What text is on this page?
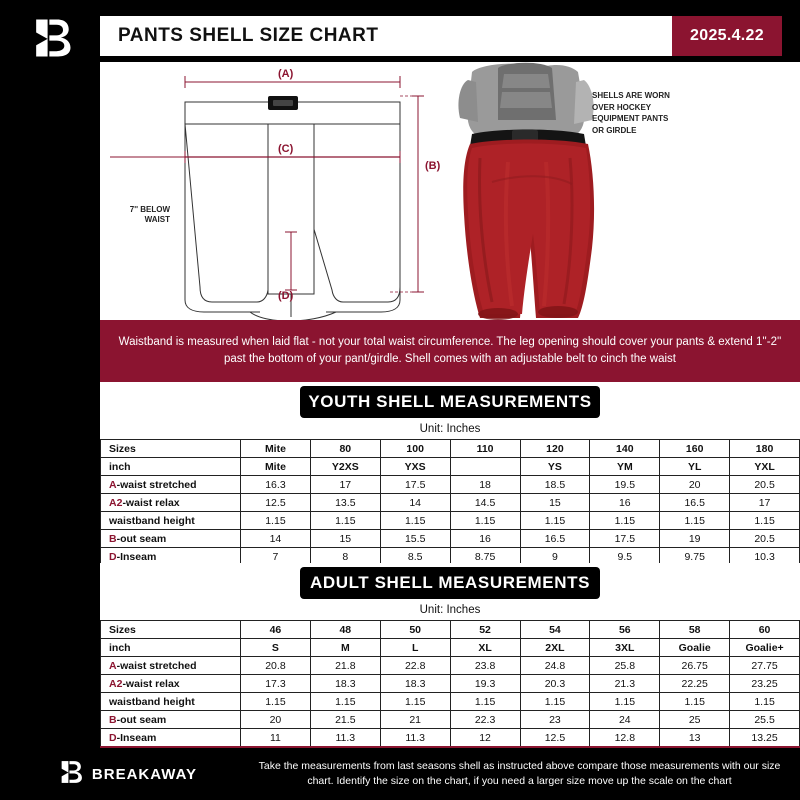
PANTS SHELL SIZE CHART	2025.4.22
(A)
(C)
(B)
(D)
7'' BELOW
WAIST
SHELLS ARE WORN
OVER HOCKEY
EQUIPMENT PANTS
OR GIRDLE

Waistband is measured when laid flat - not your total waist circumference. The leg opening should cover your pants & extend 1''-2'' past the bottom of your pant/girdle. Shell comes with an adjustable belt to cinch the waist

YOUTH SHELL MEASUREMENTS
Unit: Inches
Sizes	Mite	80	100	110	120	140	160	180
inch	Mite	Y2XS	YXS		YS	YM	YL	YXL
A-waist stretched	16.3	17	17.5	18	18.5	19.5	20	20.5
A2-waist relax	12.5	13.5	14	14.5	15	16	16.5	17
waistband height	1.15	1.15	1.15	1.15	1.15	1.15	1.15	1.15
B-out seam	14	15	15.5	16	16.5	17.5	19	20.5
D-Inseam	7	8	8.5	8.75	9	9.5	9.75	10.3
ADULT SHELL MEASUREMENTS
Unit: Inches
Sizes	46	48	50	52	54	56	58	60
inch	S	M	L	XL	2XL	3XL	Goalie	Goalie+
A-waist stretched	20.8	21.8	22.8	23.8	24.8	25.8	26.75	27.75
A2-waist relax	17.3	18.3	18.3	19.3	20.3	21.3	22.25	23.25
waistband height	1.15	1.15	1.15	1.15	1.15	1.15	1.15	1.15
B-out seam	20	21.5	21	22.3	23	24	25	25.5
D-Inseam	11	11.3	11.3	12	12.5	12.8	13	13.25
BREAKAWAY	Take the measurements from last seasons shell as instructed above compare those measurements with our size chart. Identify the size on the chart, if you need a larger size move up the scale on the chart
